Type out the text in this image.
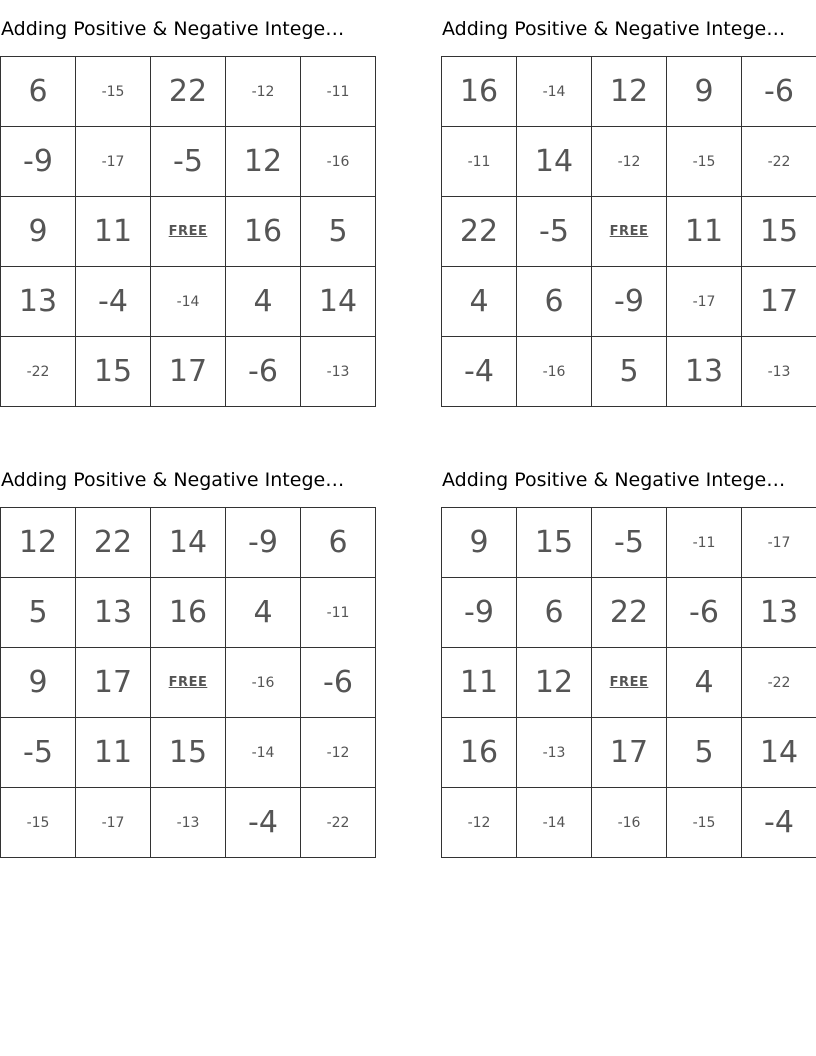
Adding Positive & Negative Intege…
6	-15	22	-12	-11
-9	-17	-5	12	-16
9	11	FREE	16	5
13	-4	-14	4	14
-22	15	17	-6	-13
Adding Positive & Negative Intege…
16	-14	12	9	-6
-11	14	-12	-15	-22
22	-5	FREE	11	15
4	6	-9	-17	17
-4	-16	5	13	-13
Adding Positive & Negative Intege…
12	22	14	-9	6
5	13	16	4	-11
9	17	FREE	-16	-6
-5	11	15	-14	-12
-15	-17	-13	-4	-22
Adding Positive & Negative Intege…
9	15	-5	-11	-17
-9	6	22	-6	13
11	12	FREE	4	-22
16	-13	17	5	14
-12	-14	-16	-15	-4
